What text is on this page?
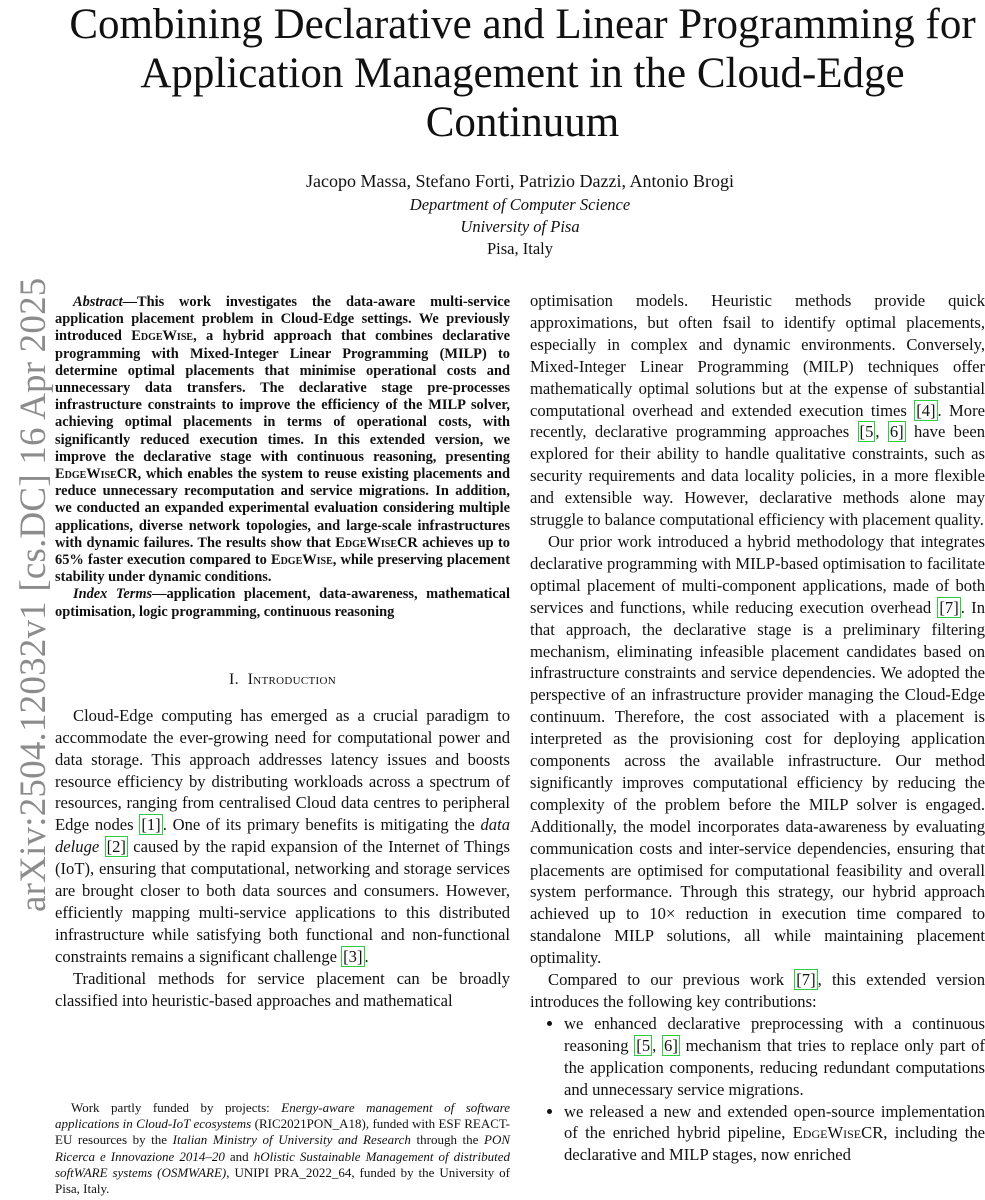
arXiv:2504.12032v1 [cs.DC] 16 Apr 2025
Combining Declarative and Linear Programming for Application Management in the Cloud-Edge Continuum
Jacopo Massa, Stefano Forti, Patrizio Dazzi, Antonio Brogi
Department of Computer Science
University of Pisa
Pisa, Italy

Abstract—This work investigates the data-aware multi-service application placement problem in Cloud-Edge settings. We previously introduced EdgeWise, a hybrid approach that combines declarative programming with Mixed-Integer Linear Programming (MILP) to determine optimal placements that minimise operational costs and unnecessary data transfers. The declarative stage pre-processes infrastructure constraints to improve the efficiency of the MILP solver, achieving optimal placements in terms of operational costs, with significantly reduced execution times. In this extended version, we improve the declarative stage with continuous reasoning, presenting EdgeWiseCR, which enables the system to reuse existing placements and reduce unnecessary recomputation and service migrations. In addition, we conducted an expanded experimental evaluation considering multiple applications, diverse network topologies, and large-scale infrastructures with dynamic failures. The results show that EdgeWiseCR achieves up to 65% faster execution compared to EdgeWise, while preserving placement stability under dynamic conditions.

Index Terms—application placement, data-awareness, mathematical optimisation, logic programming, continuous reasoning

I. Introduction

Cloud-Edge computing has emerged as a crucial paradigm to accommodate the ever-growing need for computational power and data storage. This approach addresses latency issues and boosts resource efficiency by distributing workloads across a spectrum of resources, ranging from centralised Cloud data centres to peripheral Edge nodes [1] . One of its primary benefits is mitigating the data deluge [2] caused by the rapid expansion of the Internet of Things (IoT), ensuring that computational, networking and storage services are brought closer to both data sources and consumers. However, efficiently mapping multi-service applications to this distributed infrastructure while satisfying both functional and non-functional constraints remains a significant challenge [3] .

Traditional methods for service placement can be broadly classified into heuristic-based approaches and mathematical

Work partly funded by projects: Energy-aware management of software applications in Cloud-IoT ecosystems (RIC2021PON_A18), funded with ESF REACT-EU resources by the Italian Ministry of University and Research through the PON Ricerca e Innovazione 2014–20 and hOlistic Sustainable Management of distributed softWARE systems (OSMWARE), UNIPI PRA_2022_64, funded by the University of Pisa, Italy.

optimisation models. Heuristic methods provide quick approximations, but often fsail to identify optimal placements, especially in complex and dynamic environments. Conversely, Mixed-Integer Linear Programming (MILP) techniques offer mathematically optimal solutions but at the expense of substantial computational overhead and extended execution times [4] . More recently, declarative programming approaches [5 , 6] have been explored for their ability to handle qualitative constraints, such as security requirements and data locality policies, in a more flexible and extensible way. However, declarative methods alone may struggle to balance computational efficiency with placement quality.

Our prior work introduced a hybrid methodology that integrates declarative programming with MILP-based optimisation to facilitate optimal placement of multi-component applications, made of both services and functions, while reducing execution overhead [7] . In that approach, the declarative stage is a preliminary filtering mechanism, eliminating infeasible placement candidates based on infrastructure constraints and service dependencies. We adopted the perspective of an infrastructure provider managing the Cloud-Edge continuum. Therefore, the cost associated with a placement is interpreted as the provisioning cost for deploying application components across the available infrastructure. Our method significantly improves computational efficiency by reducing the complexity of the problem before the MILP solver is engaged. Additionally, the model incorporates data-awareness by evaluating communication costs and inter-service dependencies, ensuring that placements are optimised for computational feasibility and overall system performance. Through this strategy, our hybrid approach achieved up to 10× reduction in execution time compared to standalone MILP solutions, all while maintaining placement optimality.

Compared to our previous work [7] , this extended version introduces the following key contributions:

• we enhanced declarative preprocessing with a continuous reasoning [5 , 6] mechanism that tries to replace only part of the application components, reducing redundant computations and unnecessary service migrations.
• we released a new and extended open-source implementation of the enriched hybrid pipeline, EdgeWiseCR, including the declarative and MILP stages, now enriched
